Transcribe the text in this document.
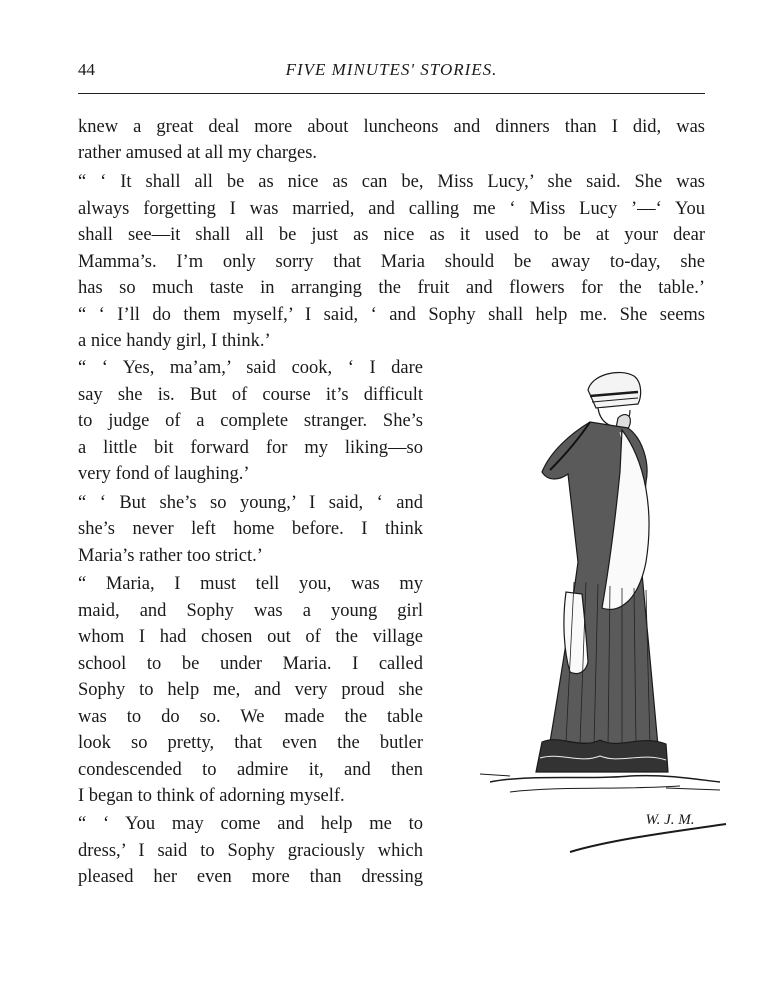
44	FIVE MINUTES' STORIES.
knew a great deal more about luncheons and dinners than I did, was
rather amused at all my charges.
“ ‘ It shall all be as nice as can be, Miss Lucy,’ she said. She was
always forgetting I was married, and calling me ‘ Miss Lucy ’—‘ You
shall see—it shall all be just as nice as it used to be at your dear
Mamma’s. I’m only sorry that Maria should be away to-day, she
has so much taste in arranging the fruit and flowers for the table.’
“ ‘ I’ll do them myself,’ I said, ‘ and Sophy shall help me. She seems
a nice handy girl, I think.’
“ ‘ Yes, ma’am,’ said cook, ‘ I dare
say she is. But of course it’s difficult
to judge of a complete stranger. She’s
a little bit forward for my liking—so
very fond of laughing.’
“ ‘ But she’s so young,’ I said, ‘ and
she’s never left home before. I think
Maria’s rather too strict.’
“ Maria, I must tell you, was my
maid, and Sophy was a young girl
whom I had chosen out of the village
school to be under Maria. I called
Sophy to help me, and very proud she
was to do so. We made the table
look so pretty, that even the butler
condescended to admire it, and then
I began to think of adorning myself.
“ ‘ You may come and help me to
dress,’ I said to Sophy graciously which
pleased her even more than dressing
W. J. M.
